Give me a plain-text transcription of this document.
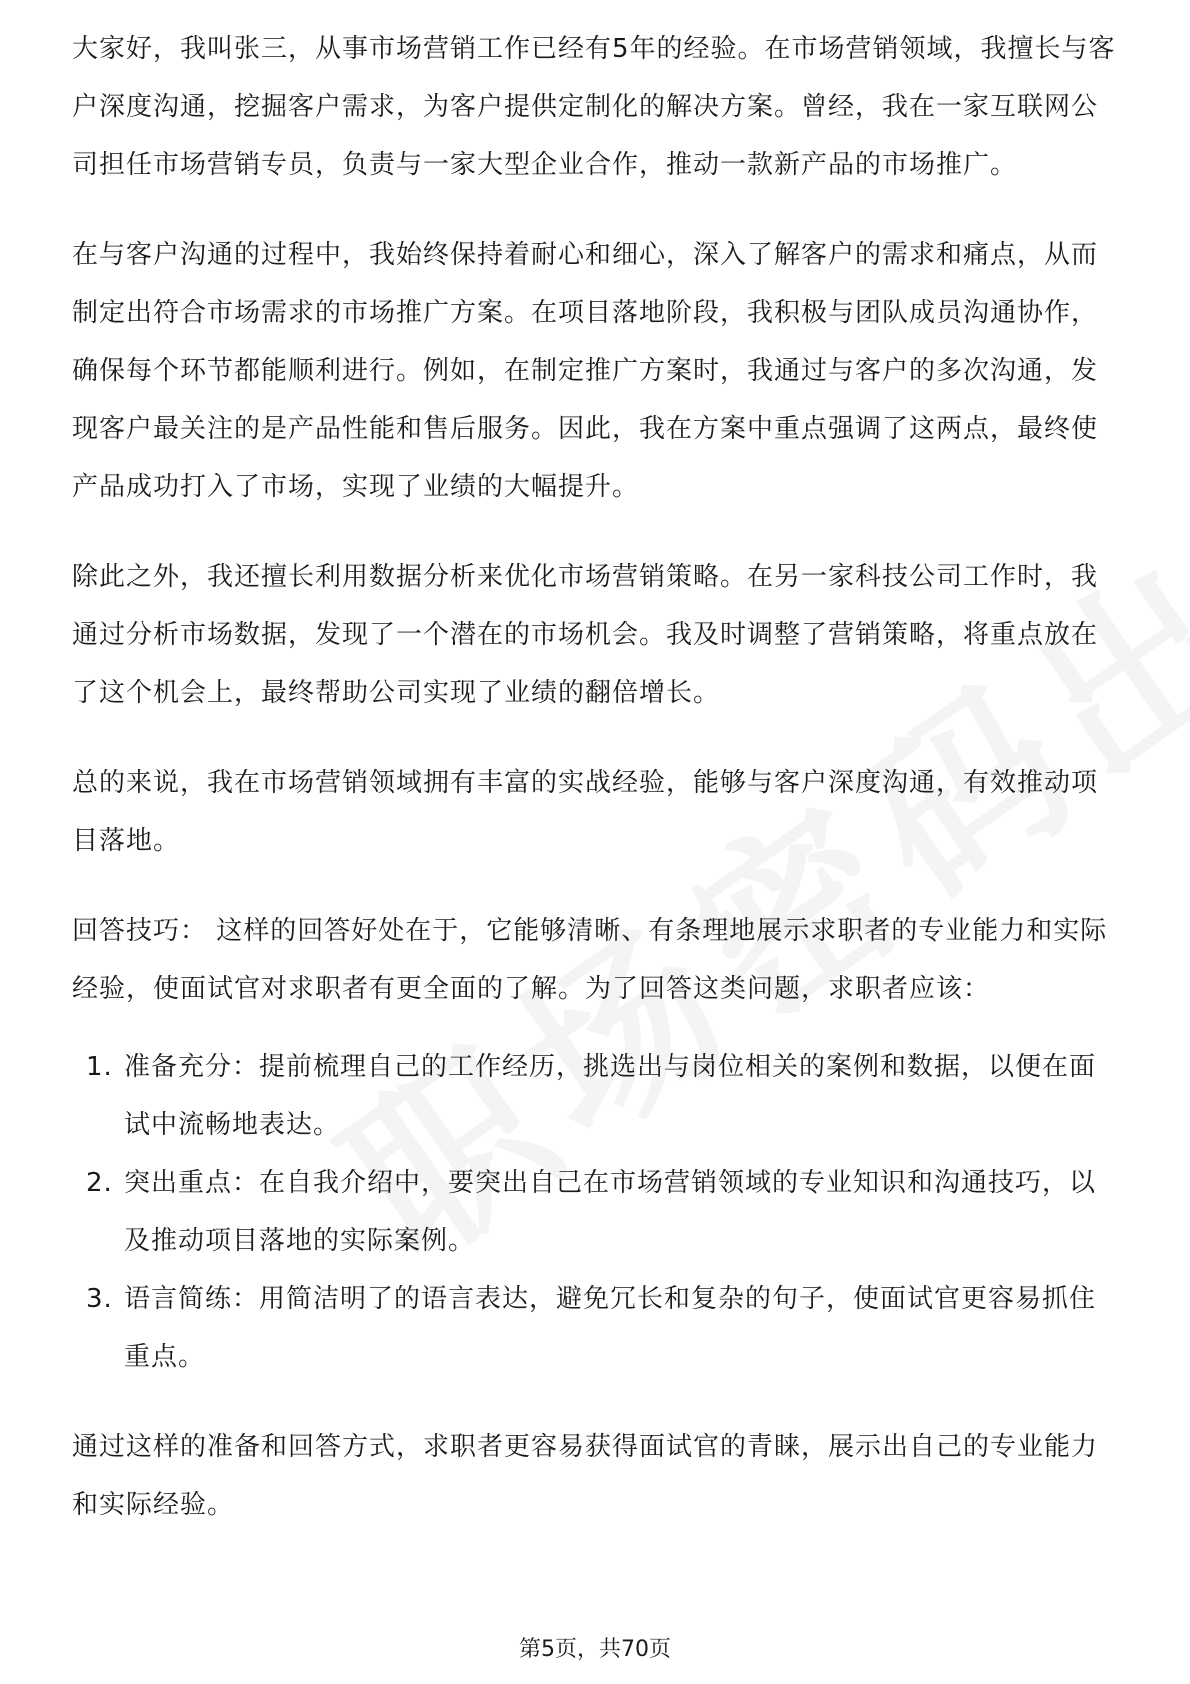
大家好，我叫张三，从事市场营销工作已经有5年的经验。在市场营销领域，我擅长与客户深度沟通，挖掘客户需求，为客户提供定制化的解决方案。曾经，我在一家互联网公司担任市场营销专员，负责与一家大型企业合作，推动一款新产品的市场推广。

在与客户沟通的过程中，我始终保持着耐心和细心，深入了解客户的需求和痛点，从而制定出符合市场需求的市场推广方案。在项目落地阶段，我积极与团队成员沟通协作，确保每个环节都能顺利进行。例如，在制定推广方案时，我通过与客户的多次沟通，发现客户最关注的是产品性能和售后服务。因此，我在方案中重点强调了这两点，最终使产品成功打入了市场，实现了业绩的大幅提升。

除此之外，我还擅长利用数据分析来优化市场营销策略。在另一家科技公司工作时，我通过分析市场数据，发现了一个潜在的市场机会。我及时调整了营销策略，将重点放在了这个机会上，最终帮助公司实现了业绩的翻倍增长。

总的来说，我在市场营销领域拥有丰富的实战经验，能够与客户深度沟通，有效推动项目落地。

回答技巧： 这样的回答好处在于，它能够清晰、有条理地展示求职者的专业能力和实际经验，使面试官对求职者有更全面的了解。为了回答这类问题，求职者应该：

1. 准备充分：提前梳理自己的工作经历，挑选出与岗位相关的案例和数据，以便在面试中流畅地表达。
2. 突出重点：在自我介绍中，要突出自己在市场营销领域的专业知识和沟通技巧，以及推动项目落地的实际案例。
3. 语言简练：用简洁明了的语言表达，避免冗长和复杂的句子，使面试官更容易抓住重点。

通过这样的准备和回答方式，求职者更容易获得面试官的青睐，展示出自己的专业能力和实际经验。

第5页，共70页
